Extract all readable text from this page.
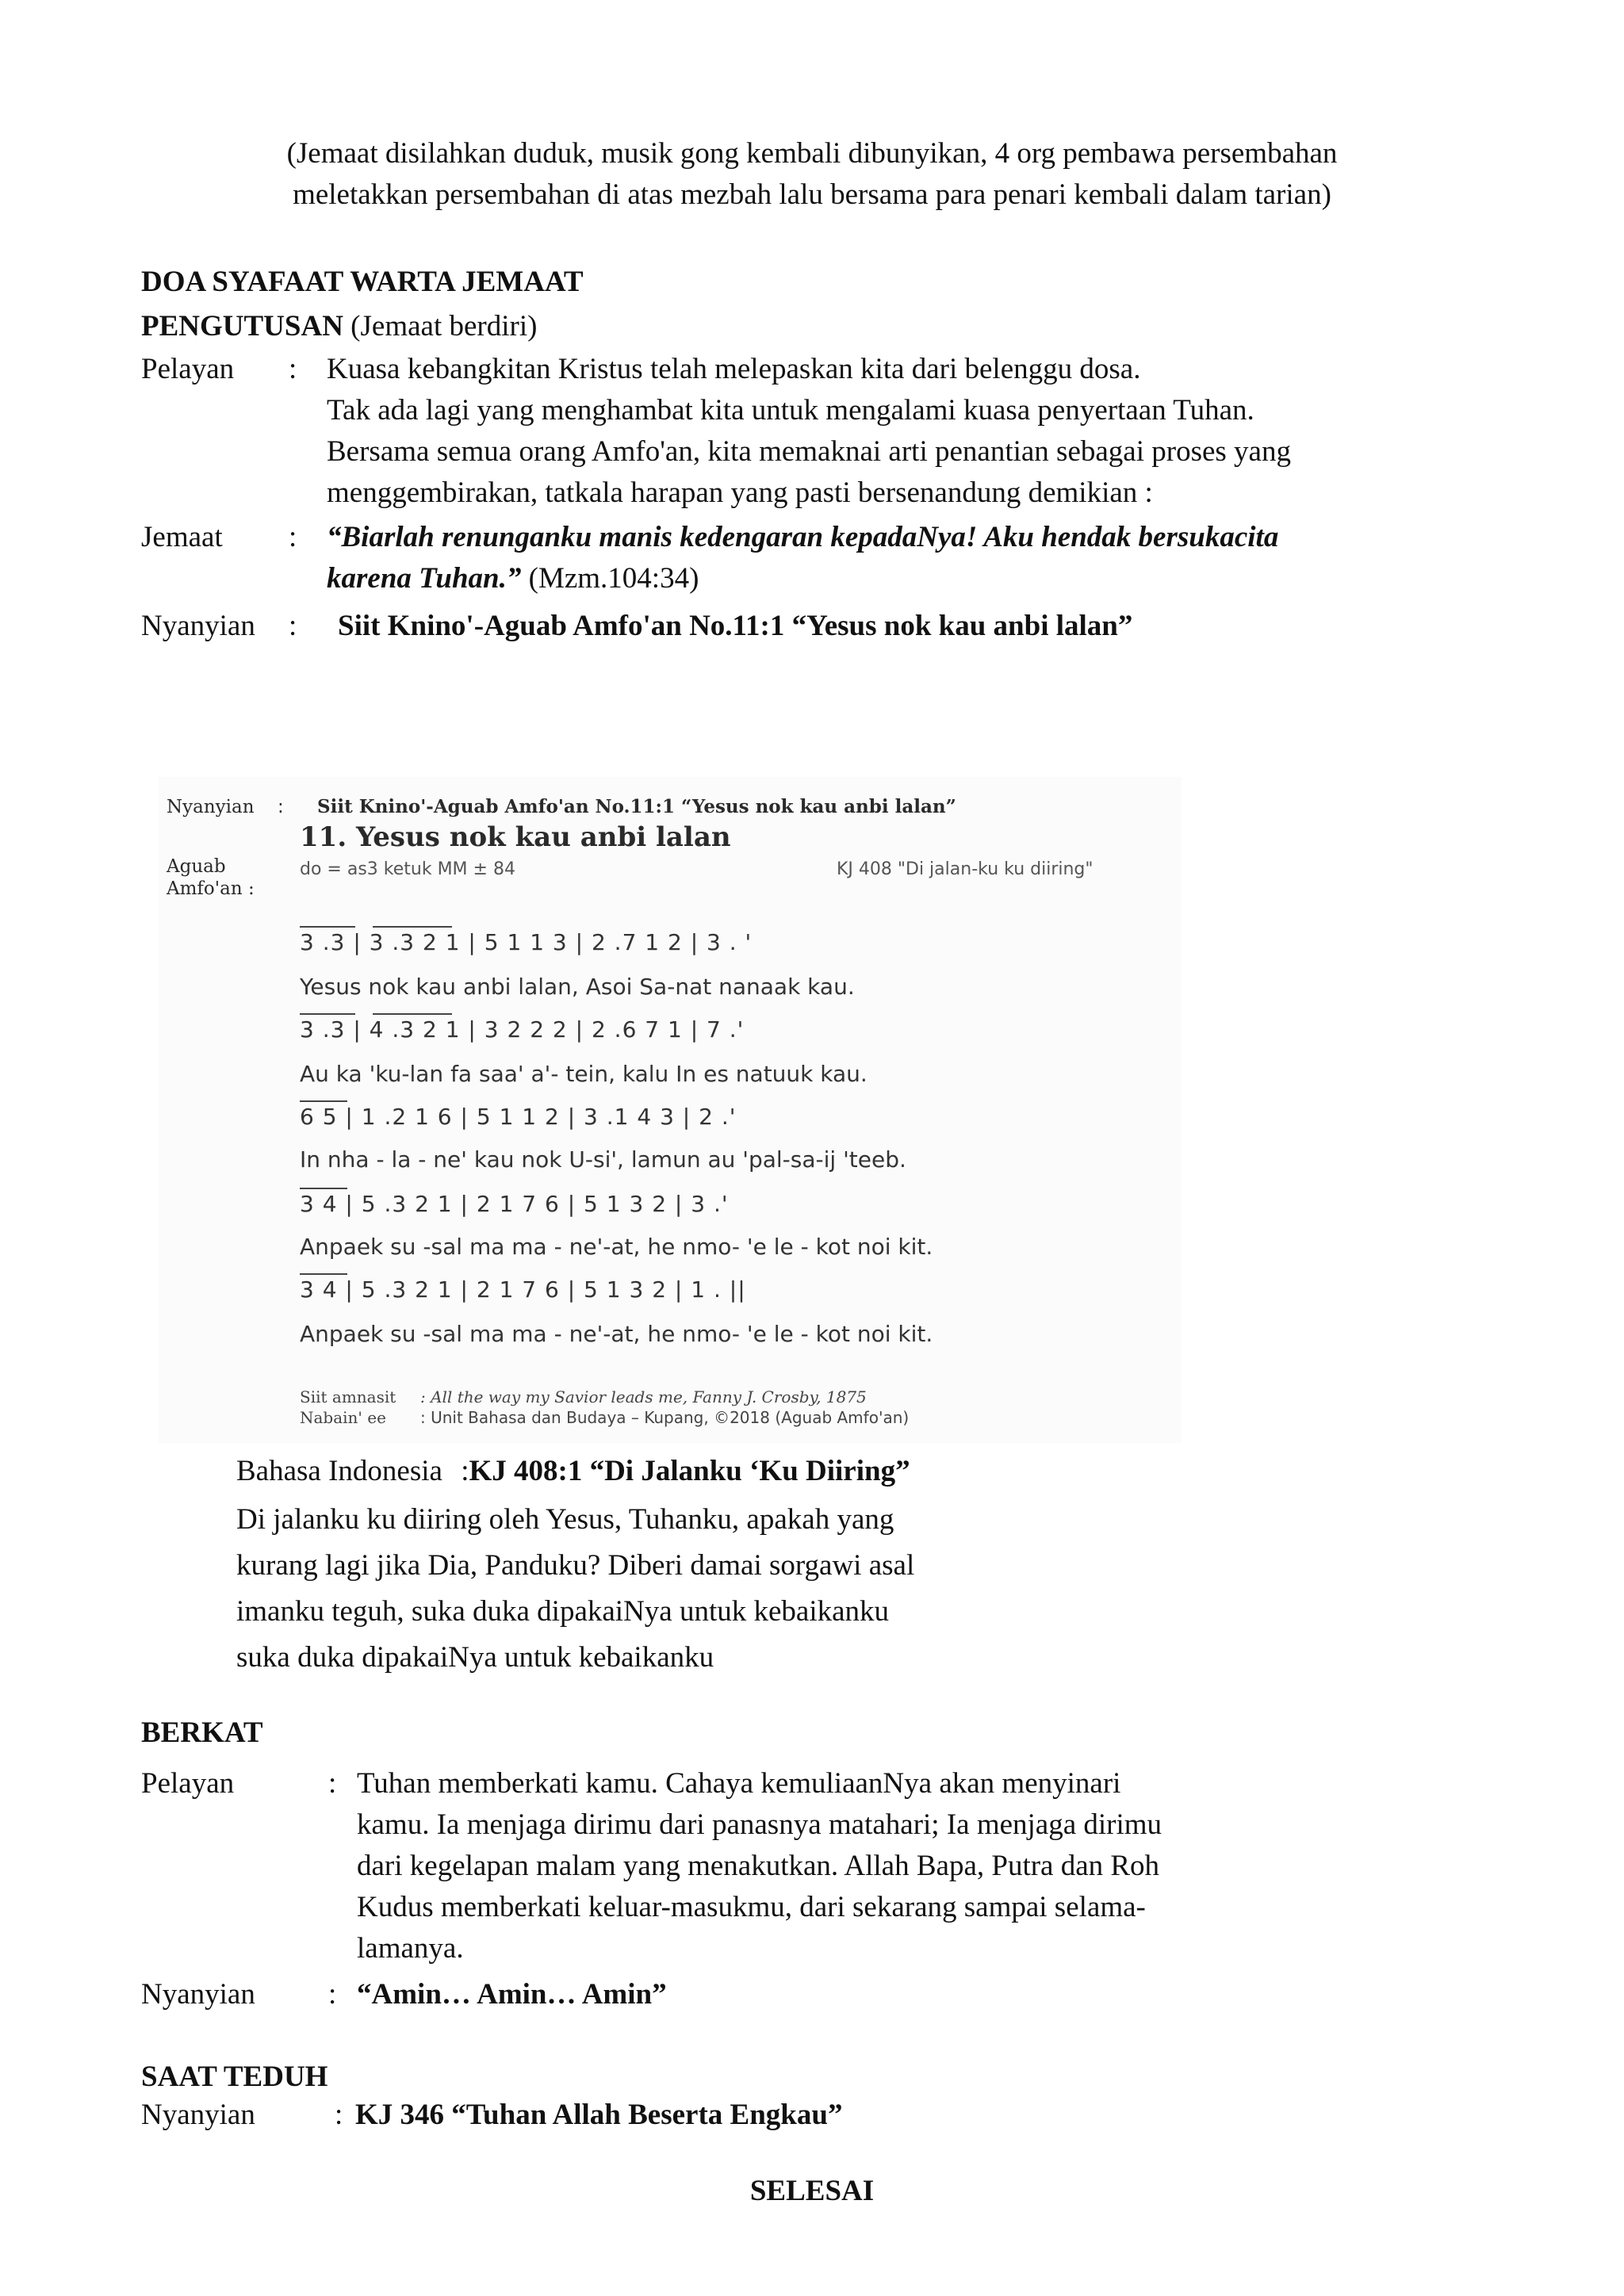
(Jemaat disilahkan duduk, musik gong kembali dibunyikan, 4 org pembawa persembahan
meletakkan persembahan di atas mezbah lalu bersama para penari kembali dalam tarian)
DOA SYAFAAT WARTA JEMAAT
PENGUTUSAN (Jemaat berdiri)
Pelayan : Kuasa kebangkitan Kristus telah melepaskan kita dari belenggu dosa.
Tak ada lagi yang menghambat kita untuk mengalami kuasa penyertaan Tuhan.
Bersama semua orang Amfo'an, kita memaknai arti penantian sebagai proses yang
menggembirakan, tatkala harapan yang pasti bersenandung demikian :
Jemaat : “Biarlah renunganku manis kedengaran kepadaNya! Aku hendak bersukacita
karena Tuhan.” (Mzm.104:34)
Nyanyian : Siit Knino'-Aguab Amfo'an No.11:1 “Yesus nok kau anbi lalan”
Nyanyian : Siit Knino'-Aguab Amfo'an No.11:1 “Yesus nok kau anbi lalan”
11. Yesus nok kau anbi lalan
Aguab
Amfo'an :
do = as3 ketuk MM ± 84	KJ 408 "Di jalan-ku ku diiring"
3 .3 | 3 .3 2 1 | 5 1 1 3 | 2 .7 1 2 | 3 . '
Yesus nok kau anbi lalan, Asoi Sa-nat nanaak kau.
3 .3 | 4 .3 2 1 | 3 2 2 2 | 2 .6 7 1 | 7 .'
Au ka 'ku-lan fa saa' a'- tein, kalu In es natuuk kau.
6 5 | 1 .2 1 6 | 5 1 1 2 | 3 .1 4 3 | 2 .'
In nha - la - ne' kau nok U-si', lamun au 'pal-sa-ij 'teeb.
3 4 | 5 .3 2 1 | 2 1 7 6 | 5 1 3 2 | 3 .'
Anpaek su -sal ma ma - ne'-at, he nmo- 'e le - kot noi kit.
3 4 | 5 .3 2 1 | 2 1 7 6 | 5 1 3 2 | 1 . ||
Anpaek su -sal ma ma - ne'-at, he nmo- 'e le - kot noi kit.
Siit amnasit : All the way my Savior leads me, Fanny J. Crosby, 1875
Nabain' ee : Unit Bahasa dan Budaya – Kupang, ©2018 (Aguab Amfo'an)
Bahasa Indonesia :KJ 408:1 “Di Jalanku ‘Ku Diiring”
Di jalanku ku diiring oleh Yesus, Tuhanku, apakah yang
kurang lagi jika Dia, Panduku? Diberi damai sorgawi asal
imanku teguh, suka duka dipakaiNya untuk kebaikanku
suka duka dipakaiNya untuk kebaikanku
BERKAT
Pelayan	: Tuhan memberkati kamu. Cahaya kemuliaanNya akan menyinari
kamu. Ia menjaga dirimu dari panasnya matahari; Ia menjaga dirimu
dari kegelapan malam yang menakutkan. Allah Bapa, Putra dan Roh
Kudus memberkati keluar-masukmu, dari sekarang sampai selama-
lamanya.
Nyanyian : “Amin… Amin… Amin”
SAAT TEDUH
Nyanyian	: KJ 346 “Tuhan Allah Beserta Engkau”
SELESAI
